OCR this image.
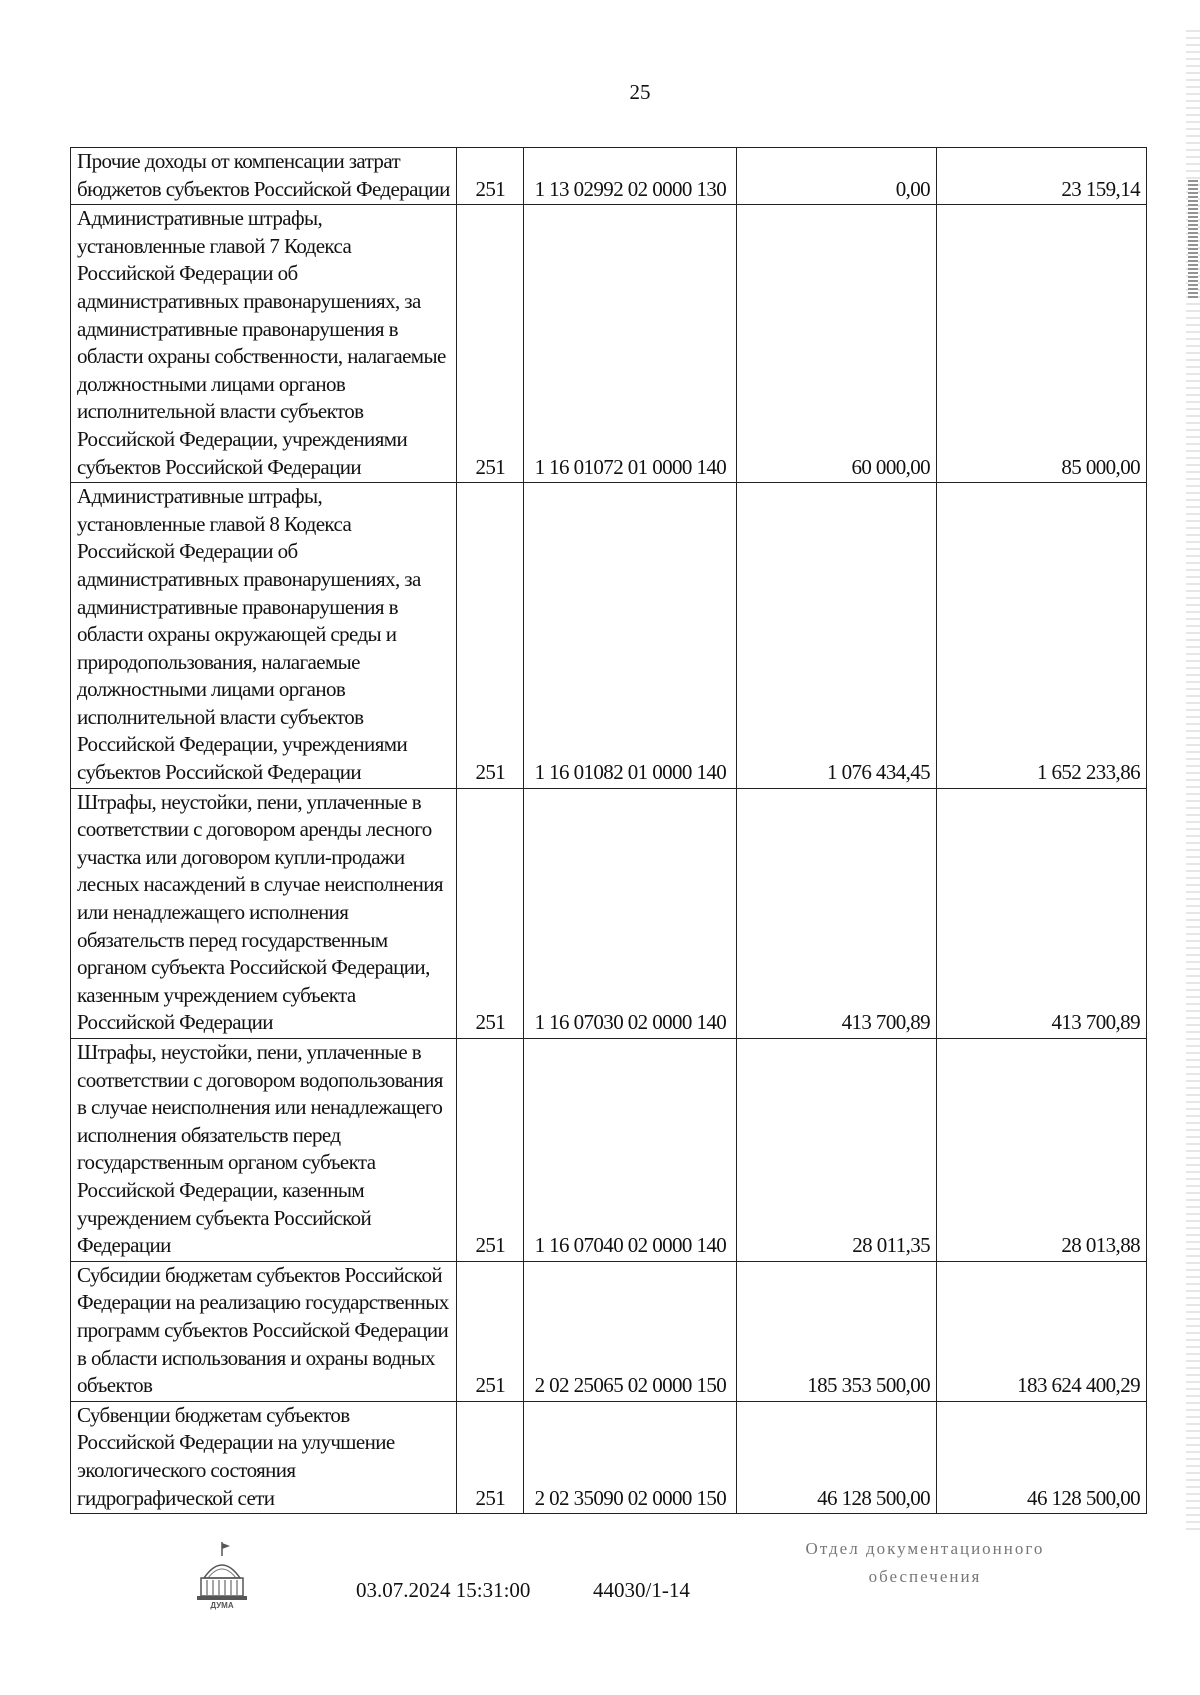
25
Прочие доходы от компенсации затрат бюджетов субъектов Российской Федерации	251	1 13 02992 02 0000 130	0,00	23 159,14
Административные штрафы, установленные главой 7 Кодекса Российской Федерации об административных правонарушениях, за административные правонарушения в области охраны собственности, налагаемые должностными лицами органов исполнительной власти субъектов Российской Федерации, учреждениями субъектов Российской Федерации	251	1 16 01072 01 0000 140	60 000,00	85 000,00
Административные штрафы, установленные главой 8 Кодекса Российской Федерации об административных правонарушениях, за административные правонарушения в области охраны окружающей среды и природопользования, налагаемые должностными лицами органов исполнительной власти субъектов Российской Федерации, учреждениями субъектов Российской Федерации	251	1 16 01082 01 0000 140	1 076 434,45	1 652 233,86
Штрафы, неустойки, пени, уплаченные в соответствии с договором аренды лесного участка или договором купли-продажи лесных насаждений в случае неисполнения или ненадлежащего исполнения обязательств перед государственным органом субъекта Российской Федерации, казенным учреждением субъекта Российской Федерации	251	1 16 07030 02 0000 140	413 700,89	413 700,89
Штрафы, неустойки, пени, уплаченные в соответствии с договором водопользования в случае неисполнения или ненадлежащего исполнения обязательств перед государственным органом субъекта Российской Федерации, казенным учреждением субъекта Российской Федерации	251	1 16 07040 02 0000 140	28 011,35	28 013,88
Субсидии бюджетам субъектов Российской Федерации на реализацию государственных программ субъектов Российской Федерации в области использования и охраны водных объектов	251	2 02 25065 02 0000 150	185 353 500,00	183 624 400,29
Субвенции бюджетам субъектов Российской Федерации на улучшение экологического состояния гидрографической сети	251	2 02 35090 02 0000 150	46 128 500,00	46 128 500,00
ДУМА
03.07.2024 15:31:00	44030/1-14
Отдел документационного
обеспечения
